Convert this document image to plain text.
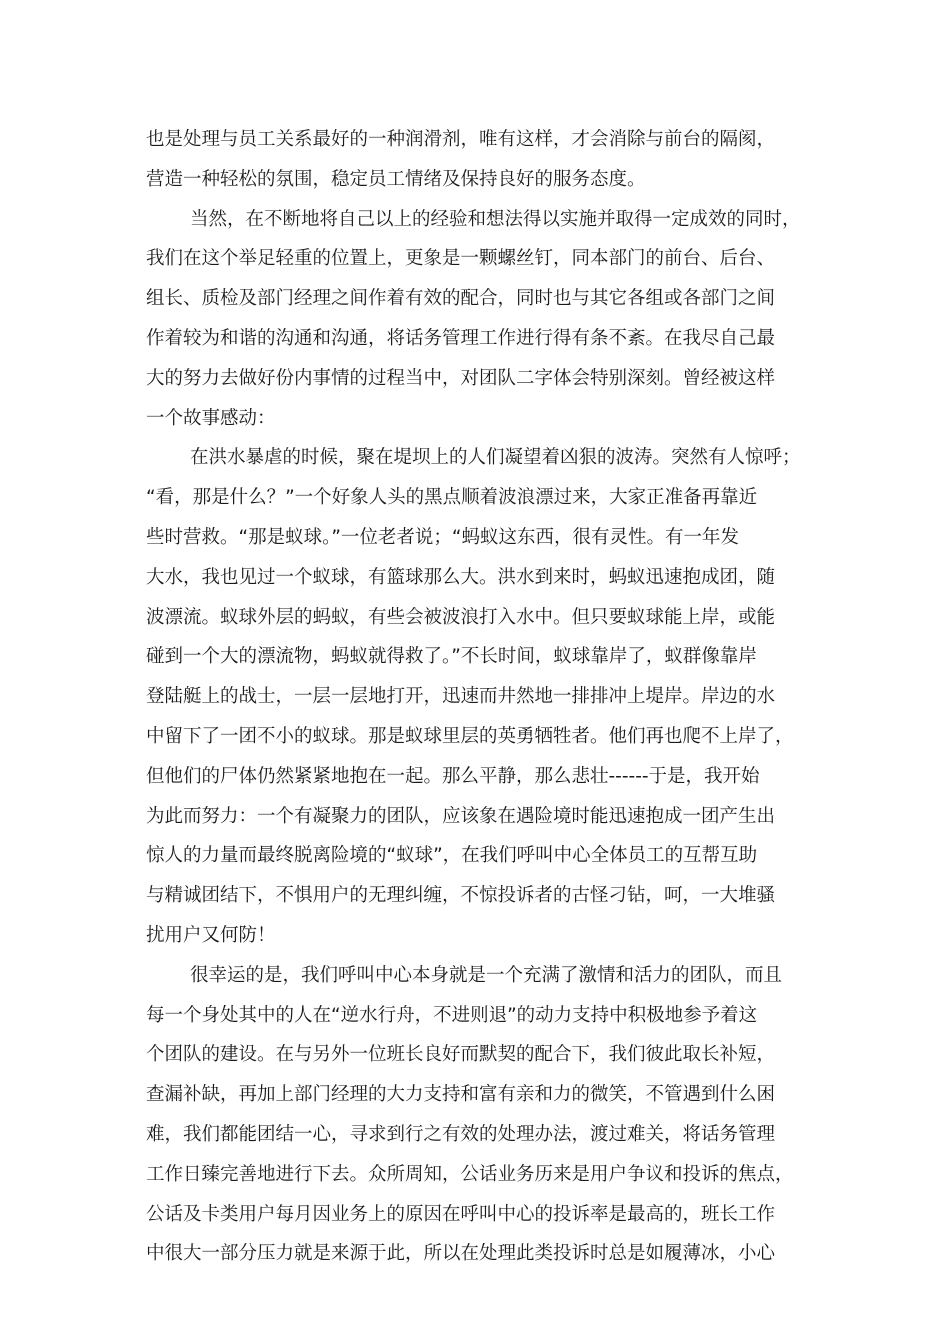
也是处理与员工关系最好的一种润滑剂，唯有这样，才会消除与前台的隔阂，
营造一种轻松的氛围，稳定员工情绪及保持良好的服务态度。
当然，在不断地将自己以上的经验和想法得以实施并取得一定成效的同时，
我们在这个举足轻重的位置上，更象是一颗螺丝钉，同本部门的前台、后台、
组长、质检及部门经理之间作着有效的配合，同时也与其它各组或各部门之间
作着较为和谐的沟通和沟通，将话务管理工作进行得有条不紊。在我尽自己最
大的努力去做好份内事情的过程当中，对团队二字体会特别深刻。曾经被这样
一个故事感动：
在洪水暴虐的时候，聚在堤坝上的人们凝望着凶狠的波涛。突然有人惊呼；
“看，那是什么？”一个好象人头的黑点顺着波浪漂过来，大家正准备再靠近
些时营救。“那是蚁球。”一位老者说；“蚂蚁这东西，很有灵性。有一年发
大水，我也见过一个蚁球，有篮球那么大。洪水到来时，蚂蚁迅速抱成团，随
波漂流。蚁球外层的蚂蚁，有些会被波浪打入水中。但只要蚁球能上岸，或能
碰到一个大的漂流物，蚂蚁就得救了。”不长时间，蚁球靠岸了，蚁群像靠岸
登陆艇上的战士，一层一层地打开，迅速而井然地一排排冲上堤岸。岸边的水
中留下了一团不小的蚁球。那是蚁球里层的英勇牺牲者。他们再也爬不上岸了，
但他们的尸体仍然紧紧地抱在一起。那么平静，那么悲壮------于是，我开始
为此而努力：一个有凝聚力的团队，应该象在遇险境时能迅速抱成一团产生出
惊人的力量而最终脱离险境的“蚁球”，在我们呼叫中心全体员工的互帮互助
与精诚团结下，不惧用户的无理纠缠，不惊投诉者的古怪刁钻，呵，一大堆骚
扰用户又何防！
很幸运的是，我们呼叫中心本身就是一个充满了激情和活力的团队，而且
每一个身处其中的人在“逆水行舟，不进则退”的动力支持中积极地参予着这
个团队的建设。在与另外一位班长良好而默契的配合下，我们彼此取长补短，
查漏补缺，再加上部门经理的大力支持和富有亲和力的微笑，不管遇到什么困
难，我们都能团结一心，寻求到行之有效的处理办法，渡过难关，将话务管理
工作日臻完善地进行下去。众所周知，公话业务历来是用户争议和投诉的焦点，
公话及卡类用户每月因业务上的原因在呼叫中心的投诉率是最高的，班长工作
中很大一部分压力就是来源于此，所以在处理此类投诉时总是如履薄冰，小心
